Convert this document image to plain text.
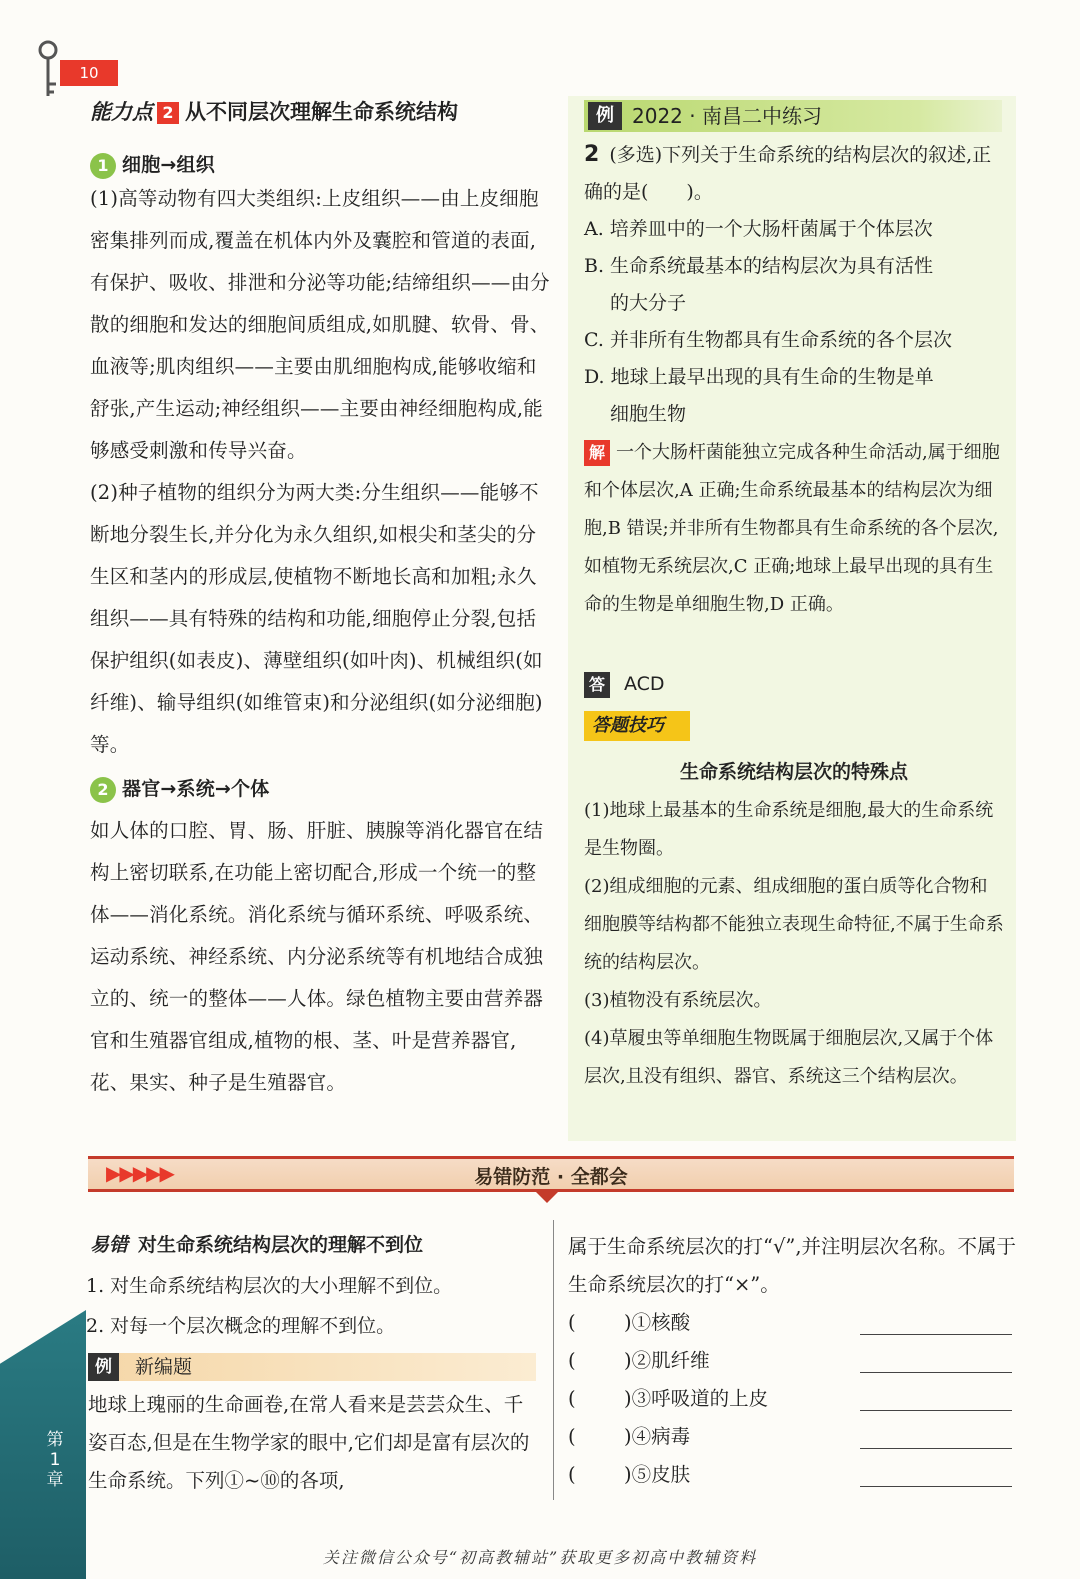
10
能力点 2 从不同层次理解生命系统结构
1 细胞→组织

(1)高等动物有四大类组织:上皮组织——由上皮细胞密集排列而成,覆盖在机体内外及囊腔和管道的表面,有保护、吸收、排泄和分泌等功能;结缔组织——由分散的细胞和发达的细胞间质组成,如肌腱、软骨、骨、血液等;肌肉组织——主要由肌细胞构成,能够收缩和舒张,产生运动;神经组织——主要由神经细胞构成,能够感受刺激和传导兴奋。

(2)种子植物的组织分为两大类:分生组织——能够不断地分裂生长,并分化为永久组织,如根尖和茎尖的分生区和茎内的形成层,使植物不断地长高和加粗;永久组织——具有特殊的结构和功能,细胞停止分裂,包括保护组织(如表皮)、薄壁组织(如叶肉)、机械组织(如纤维)、输导组织(如维管束)和分泌组织(如分泌细胞)等。

2 器官→系统→个体

如人体的口腔、胃、肠、肝脏、胰腺等消化器官在结构上密切联系,在功能上密切配合,形成一个统一的整体——消化系统。消化系统与循环系统、呼吸系统、运动系统、神经系统、内分泌系统等有机地结合成独立的、统一的整体——人体。绿色植物主要由营养器官和生殖器官组成,植物的根、茎、叶是营养器官,花、果实、种子是生殖器官。

例 2022 · 南昌二中练习

2 (多选)下列关于生命系统的结构层次的叙述,正确的是(　　)。

A. 培养皿中的一个大肠杆菌属于个体层次

B. 生命系统最基本的结构层次为具有活性

的大分子

C. 并非所有生物都具有生命系统的各个层次

D. 地球上最早出现的具有生命的生物是单

细胞生物

解 一个大肠杆菌能独立完成各种生命活动,属于细胞和个体层次,A 正确;生命系统最基本的结构层次为细胞,B 错误;并非所有生物都具有生命系统的各个层次,如植物无系统层次,C 正确;地球上最早出现的具有生命的生物是单细胞生物,D 正确。

答 ACD
答题技巧
生命系统结构层次的特殊点

(1)地球上最基本的生命系统是细胞,最大的生命系统是生物圈。

(2)组成细胞的元素、组成细胞的蛋白质等化合物和细胞膜等结构都不能独立表现生命特征,不属于生命系统的结构层次。

(3)植物没有系统层次。

(4)草履虫等单细胞生物既属于细胞层次,又属于个体层次,且没有组织、器官、系统这三个结构层次。

▶▶▶▶▶	易错防范 · 全都会
易错 对生命系统结构层次的理解不到位

1. 对生命系统结构层次的大小理解不到位。

2. 对每一个层次概念的理解不到位。

例 新编题

地球上瑰丽的生命画卷,在常人看来是芸芸众生、千姿百态,但是在生物学家的眼中,它们却是富有层次的生命系统。下列①~⑩的各项,

属于生命系统层次的打“√”,并注明层次名称。不属于生命系统层次的打“×”。

( )①核酸
( )②肌纤维
( )③呼吸道的上皮
( )④病毒
( )⑤皮肤
第1章
关注微信公众号“初高教辅站”获取更多初高中教辅资料
